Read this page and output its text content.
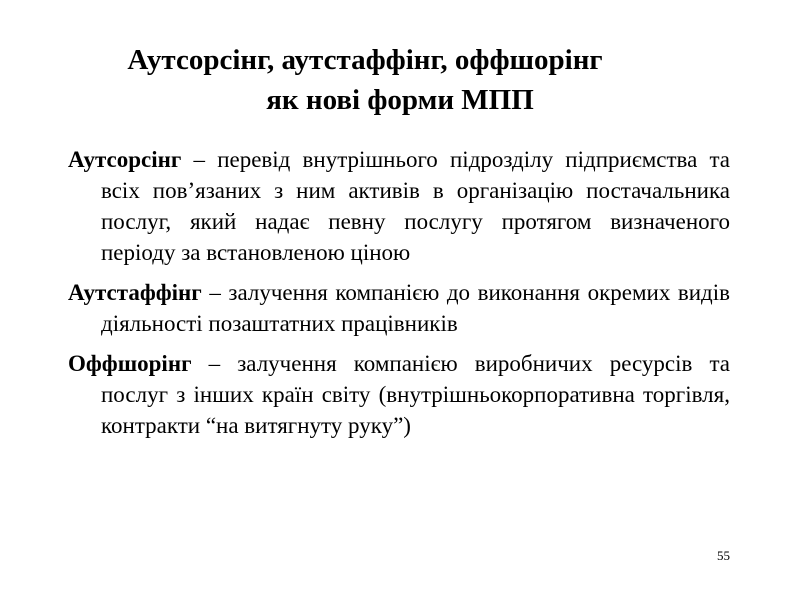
Аутсорсінг, аутстаффінг, оффшорінг
як нові форми МПП

Аутсорсінг – перевід внутрішнього підрозділу підприємства та всіх пов’язаних з ним активів в організацію постачальника послуг, який надає певну послугу протягом визначеного періоду за встановленою ціною

Аутстаффінг – залучення компанією до виконання окремих видів діяльності позаштатних працівників

Оффшорінг – залучення компанією виробничих ресурсів та послуг з інших країн світу (внутрішньокорпоративна торгівля, контракти “на витягнуту руку”)

55
